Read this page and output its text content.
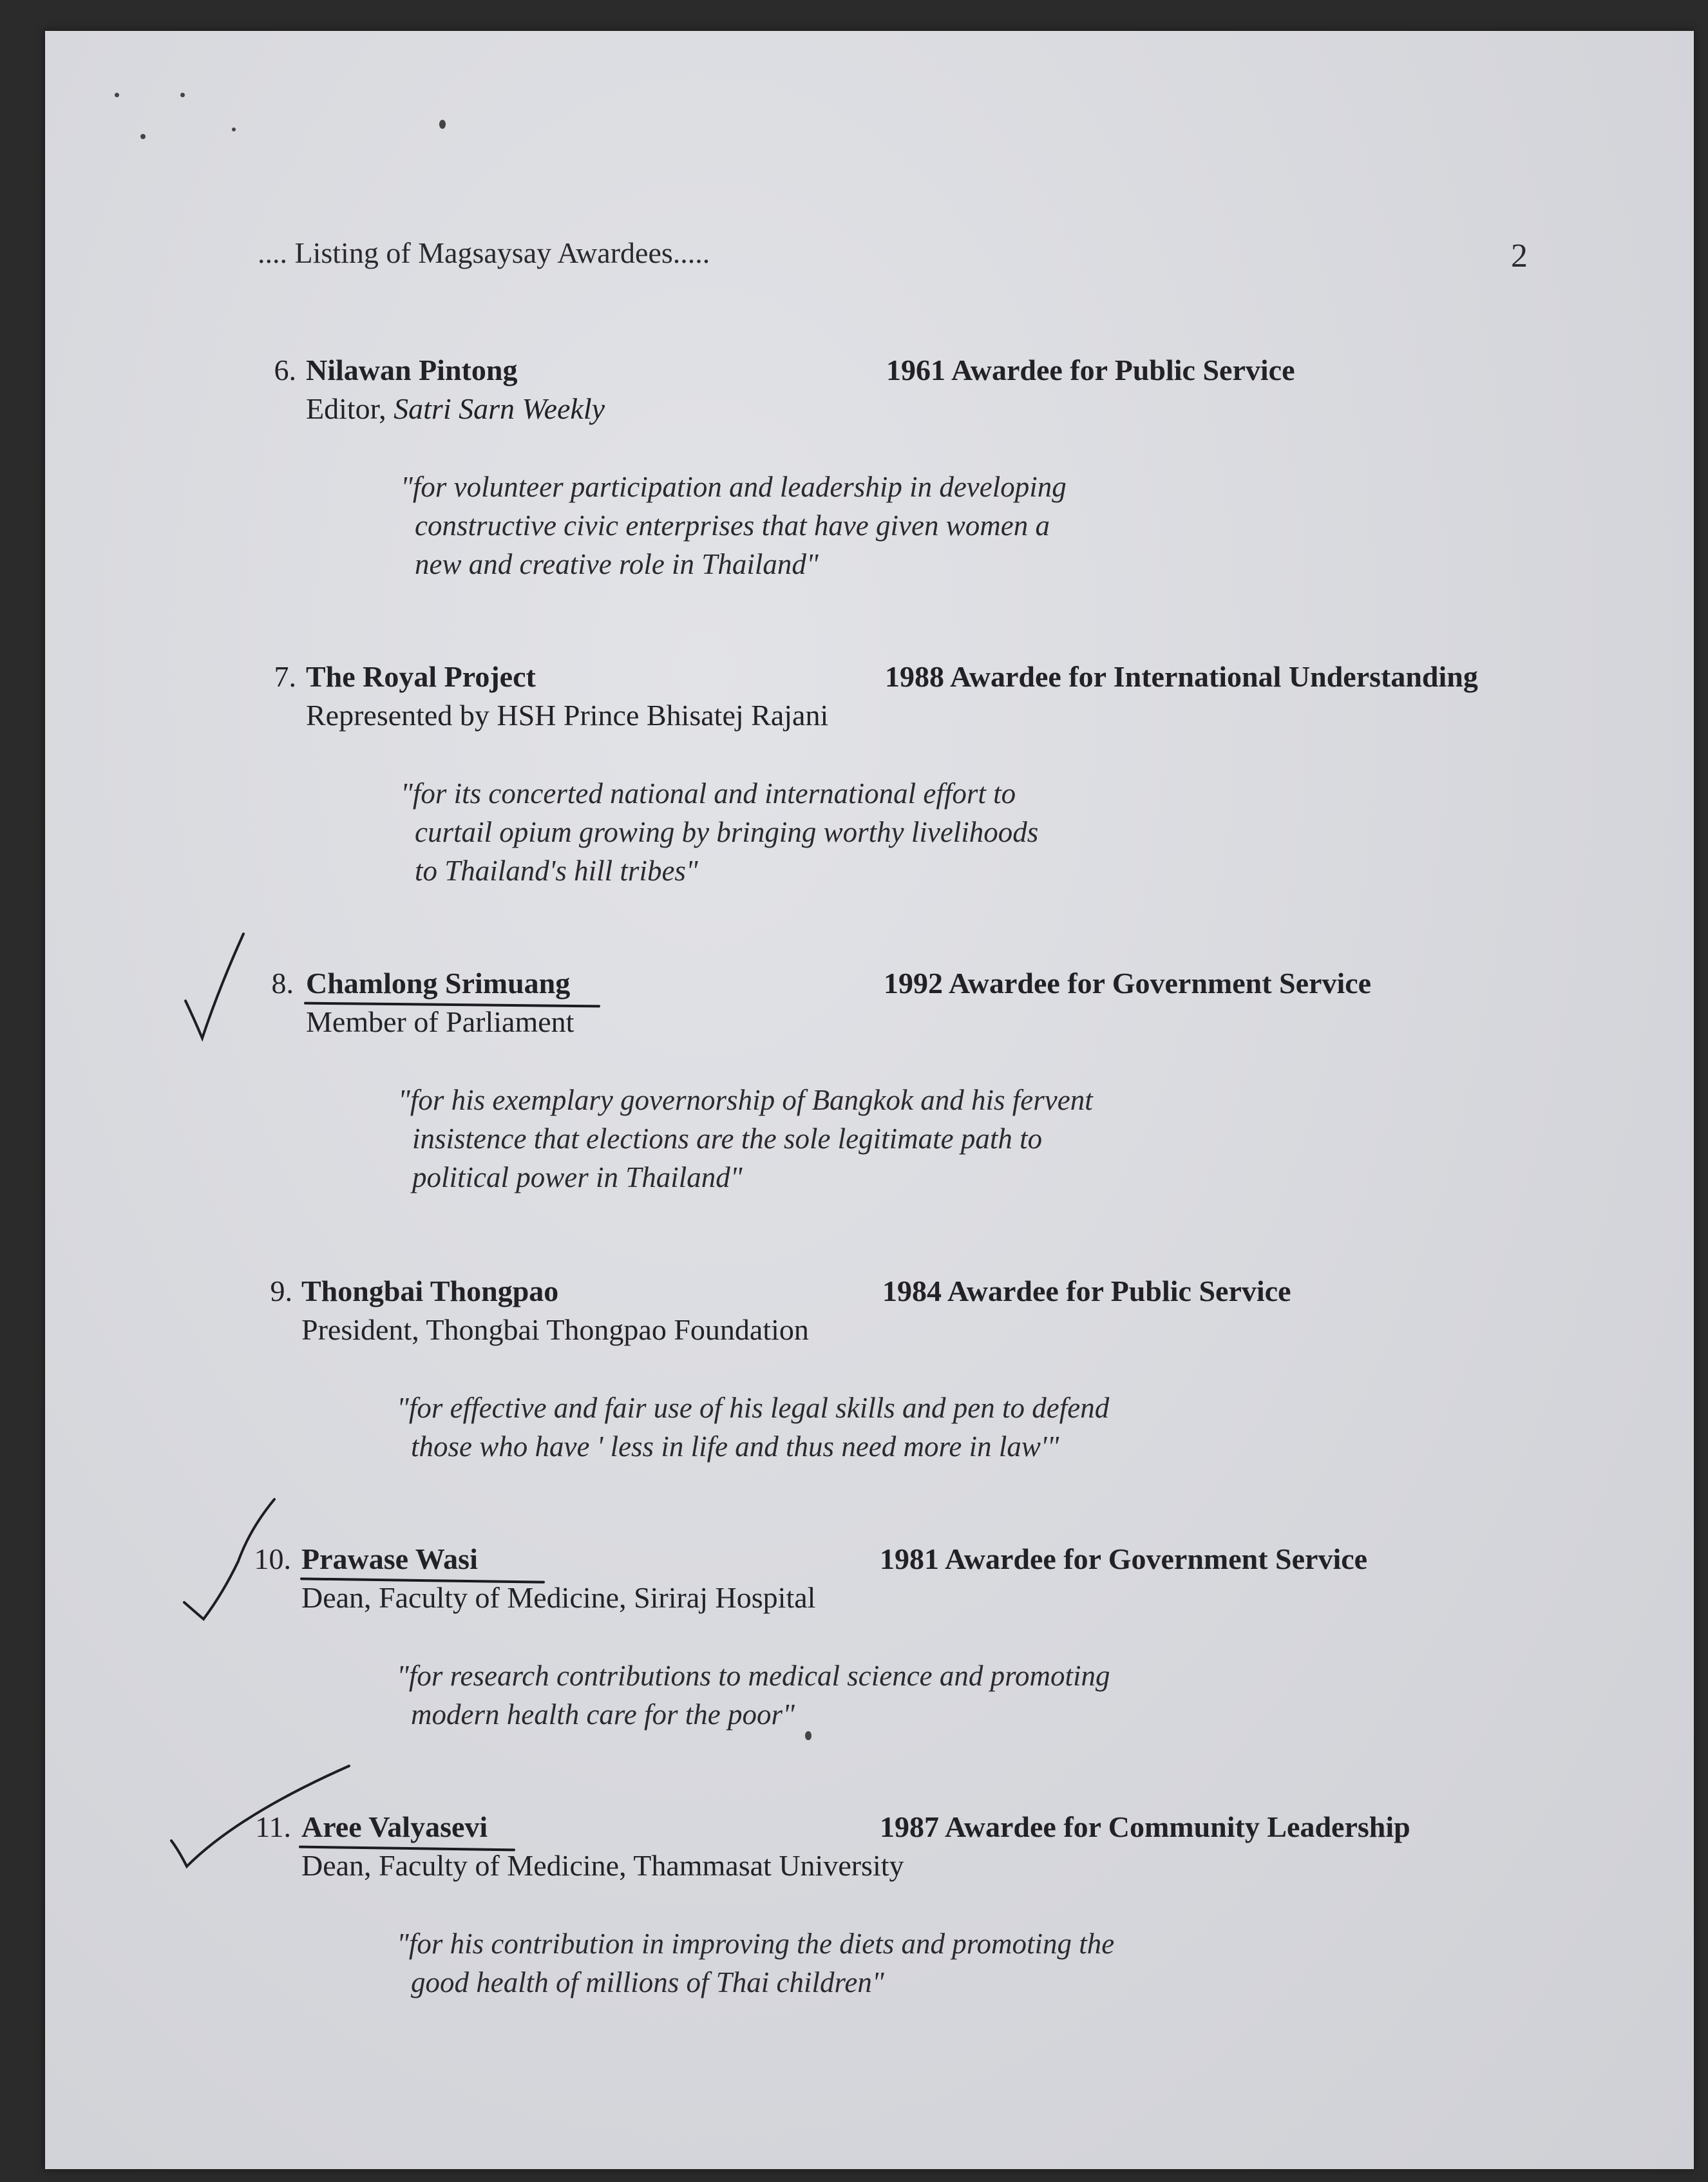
.... Listing of Magsaysay Awardees.....	2
6. Nilawan Pintong	1961 Awardee for Public Service
Editor, Satri Sarn Weekly
"for volunteer participation and leadership in developing
constructive civic enterprises that have given women a
new and creative role in Thailand"
7. The Royal Project	1988 Awardee for International Understanding
Represented by HSH Prince Bhisatej Rajani
"for its concerted national and international effort to
curtail opium growing by bringing worthy livelihoods
to Thailand's hill tribes"
8. Chamlong Srimuang	1992 Awardee for Government Service
Member of Parliament
"for his exemplary governorship of Bangkok and his fervent
insistence that elections are the sole legitimate path to
political power in Thailand"
9. Thongbai Thongpao	1984 Awardee for Public Service
President, Thongbai Thongpao Foundation
"for effective and fair use of his legal skills and pen to defend
those who have ' less in life and thus need more in law'"
10. Prawase Wasi	1981 Awardee for Government Service
Dean, Faculty of Medicine, Siriraj Hospital
"for research contributions to medical science and promoting
modern health care for the poor"
11. Aree Valyasevi	1987 Awardee for Community Leadership
Dean, Faculty of Medicine, Thammasat University
"for his contribution in improving the diets and promoting the
good health of millions of Thai children"
